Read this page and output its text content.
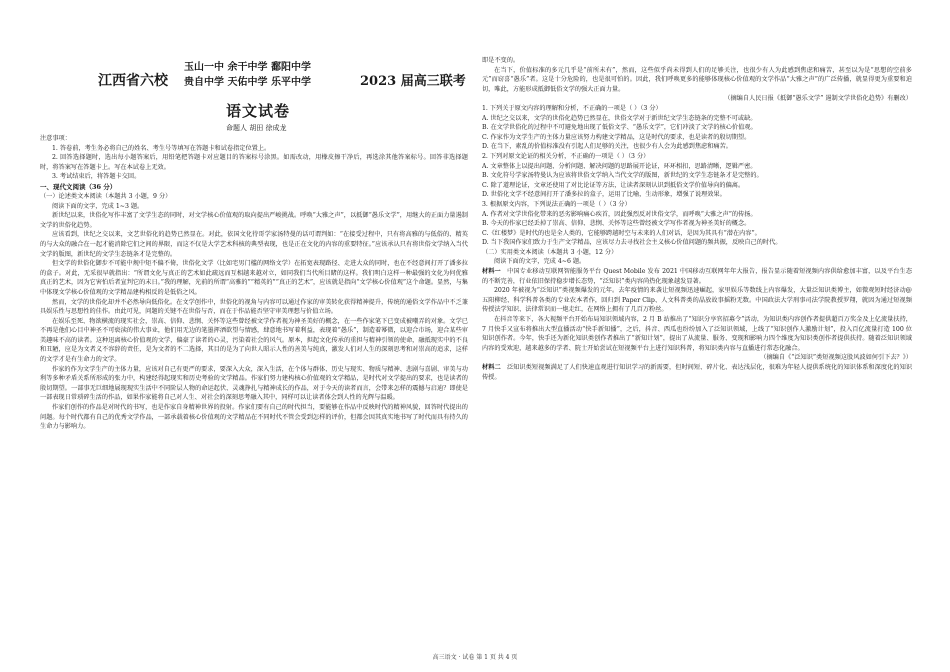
江西省六校
玉山一中 余干中学 鄱阳中学
贵自中学 天佑中学 乐平中学	2023 届高三联考
语文试卷
命题人 胡田 徐成龙

注意事项：

1. 答卷前，考生务必将自己的姓名、考生号等填写在答题卡和试卷指定位置上。

2. 回答选择题时，选出每小题答案后，用铅笔把答题卡对应题目的答案标号涂黑。如需改动，用橡皮擦干净后，再选涂其他答案标号。回答非选择题时，将答案写在答题卡上。写在本试卷上无效。

3. 考试结束后，将答题卡交回。

一、现代文阅读（36 分）

（一）论述类文本阅读（本题共 3 小题，9 分）

阅读下面的文字，完成 1~3 题。

新世纪以来，世俗化写作丰富了文学生态的同时，对文学核心价值观的取向提出严峻挑战。呼唤“大雅之声”，以抵御“愚乐文学”，用继大的正面力量遏制文学的世俗化趋势。

应该看到，世纪之交以来，文艺世俗化的趋势已然显在。对此，依国文化待哥学家汤特曼的话可谓判如：“在接受过程中，只有将高雅的与低俗的、精英的与大众的融合在一起才能消除它们之间的界限，而这不仅是大学艺术科核的典型表现，也是正在文化的内容的重要特征。”应该承认只有将世俗文学纳入当代文学的版图，新世纪的文学生态链条才是完整的。

但文学的世俗化御步不可能中规中矩不偏不倚，世俗化文学（比如宅男门槛的网络文学）在拓宽表现路径、走进大众的同时，也在不经意间打开了潘多拉的盒子。对此，无采很早就指出：“所谓文化与真正的艺术如此疏远而互相越来越对立，如同我们当代所目睹的这样。我们明白这样一种最强的文化为何优雅真正的艺术，因为它害怕后者宣判它的末日。”我的理解，光前的所谓“高雅的”“精英的”“真正的艺术”，应该就是指向“文学核心价值观”这个命题。显然，与集中体现文学核心价值观的文学精品建构相反的是低俗之风。

然而，文学的世俗化却并不必然导向低俗化。在文学创作中，世俗化的视角与内容可以通过作家的审美转化获得精神提升，传统的通俗文学作品中不乏兼具娱乐性与思想性的佳作。由此可见，问题的关键不在世俗与否，而在于作品能否坚守审美理想与价值立场。

在娱乐至死、物欲横流的现实社会，崇高、信仰、悲悯、关怀等这些曾经被文学作者视为神圣美好的概念，在一些作家笔下已变成被嘲弄的对象。文学已不再是他们心目中神圣不可亵渎的伟大事业，他们用无边的笔墨挥洒欲望与情感，肆意地书写着利益，表现着“愚乐”，制造着幂微，以迎合市场，迎合某些审美趣味不高的读者。这种迅离核心价值观的文学，偏豪了读者的心灵，污染着社会的风气。原本，担起文化传承的重担与精神引领的使命，融抵现实中的不良和丑陋，应是为文者义不容辞的责任，是为文者的不二选择，其目的是为了向世人昭示人性的善美与纯真，激发人们对人生的深刻思考和对崇高的追求，这样的文学才是有生命力的文学。

作家的作为文学生产的主体力量，应该对自己有更严的要求，要深入大众，深入生活，在个体与群体、历史与现实、物质与精神、悲剧与喜剧、审美与功利等多种矛盾关系所形成的张力中，构建经得起现实和历史考验的文学精品。作家们努力建构核心价值观的文学精品，是时代对文学提出的要求，也是读者的殷切期望。一部事无巨细地展现现实生活中不同阶层人物的命运起伏、灵魂挣扎与精神成长的作品，对于今天的读者而言，会带来怎样的震撼与启迪？即使是一部表现日常琐碎生活的作品，如果作家能将自己对人生、对社会的深刻思考融入其中，同样可以让读者体会到人性的光辉与温暖。

作家们创作的作品是对时代的书写，也是作家自身精神世界的投射。作家们要有自己的时代担当，要能够在作品中反映时代的精神风貌，回答时代提出的问题。每个时代都有自己的优秀文学作品，一部承载着核心价值观的文学精品在不同时代不管会受到怎样的评价，但都会因其真实地书写了时代而具有持久的生命力与影响力。

即是不变的。

在当下，价值标准的多元几乎是“前所未有”，然而，这些似乎尚未得到人们的足够关注，也很少有人为此感到焦虑和痛苦，甚至以为是“思想的空前多元”而窃喜“愚乐”者。这是十分危险的，也是很可怕的。因此，我们呼唤更多的能够体现核心价值观的文学作品“大雅之声”的广泛传播，就显得更为重要和迫切，唯此，方能形成抵御低俗文学的强大正面力量。

（摘编自人民日报《抵御“愚乐文学” 遏制文学世俗化趋势》有删改）

1. 下列关于原文内容的理解和分析，不正确的一项是（ ）（3 分）

A. 世纪之交以来，文学的世俗化趋势已然显在，世俗文学对于新世纪文学生态链条的完整不可或缺。

B. 在文学世俗化的过程中不可避免地出现了低俗文学、“愚乐文学”，它们冲淡了文学的核心价值观。

C. 作家作为文学生产的主体力量应该努力构建文学精品，这是时代的要求，也是读者的殷切期望。

D. 在当下，素乱的价值标准没有引起人们足够的关注，也很少有人会为此感到焦虑和痛苦。

2. 下列对原文论证的相关分析，不正确的一项是（ ）（3 分）

A. 文章整体上以提出问题、分析问题、解决问题的思路展开论证，环环相扣，思路清晰，逻辑严密。

B. 文化符号学家汤特曼认为应该将世俗文学纳入当代文学的版图，新世纪的文学生态链条才是完整的。

C. 除了道理论证，文章还使用了对比论证等方法，让读者深刻认识到抵俗文学价值导向的偏离。

D. 世俗化文学不经意间打开了潘多拉的盒子，运用了比喻，生动形象，增强了说理效果。

3. 根据原文内容，下列说法正确的一项是（ ）（3 分）

A. 作者对文学世俗化带来的恶劣影响痛心疾首，因此强烈反对世俗文学，而呼唤“大雅之声”的传扬。

B. 今天的作家已经丢掉了崇高、信仰、悲悯、关怀等这些曾经被文学写作者视为神圣美好的概念。

C.《红楼梦》是时代的也是全人类的，它能够跨越时空与未来的人们对话，是因为其具有“潜在内容”。

D. 当下我国作家们致力于生产文学精品，应该尽力去寻找社会主义核心价值问题的频共振，反映自己的时代。

（二）实用类文本阅读（本题共 3 小题，12 分）

阅读下面的文字，完成 4~6 题。

材料一　 中国专业移动互联网智能服务平台 Quest Mobile 发布 2021 中国移动互联网年年大报告，报告显示随着短视频内容供给愈加丰富，以及平台生态的不断完善，行业依旧保持稳步增长态势，“泛知识”类内容尚热化现象越发显著。

2020 年被视为“泛知识”类视频爆发的元年。去年疫情的来袭让短视频迅速崛起，家里娱乐等数线上内容爆发，大量泛知识类博主，如微观短时经济动@五阳柳经、科学科普各类的专业农本者作，回归到 Paper Clip、人文科普类的晶放故事摇粉无数。中国政法大学刑事司法学院教授罗翔，就因为通过短视频传授法学知识、法律常识而一炮走红，在网络上拥有了几百万粉丝。

在抖音等来下，各大视频平台开始布局知识领域内容，2 月 B 站推出了“知识分享官招募令”活动，为知识类内容创作者提供超百万奖金及上亿流量扶持，7 月快手又宣布将推出大型直播活动“快手新知播”，之后，抖音、西瓜也纷纷加入了泛知识领域，上线了“知识创作人激励计划”，投入百亿流量打造 100 位知识创作者。今年，快手还为新化知识类创作者推出了“新知计划”，提出了从流量、服务、变现和影响力四个维度为知识类创作者提供扶持。随着泛知识领域内容的受欢迎，越来越多的学者、院士开始尝试在短视频平台上进行知识科普，将知识类内容与直播进行常态化融合。

（摘编自《“泛知识”类短视频这股风波如何引下去？》）

材料二　 泛知识类短视频满足了人们快速直观进行知识学习的新需要，但时间短、碎片化、表达浅层化，很难为年轻人提供系统化的知识体系和深度化的知识传授。

高三语文 · 试卷 第 1 页 共 4 页
